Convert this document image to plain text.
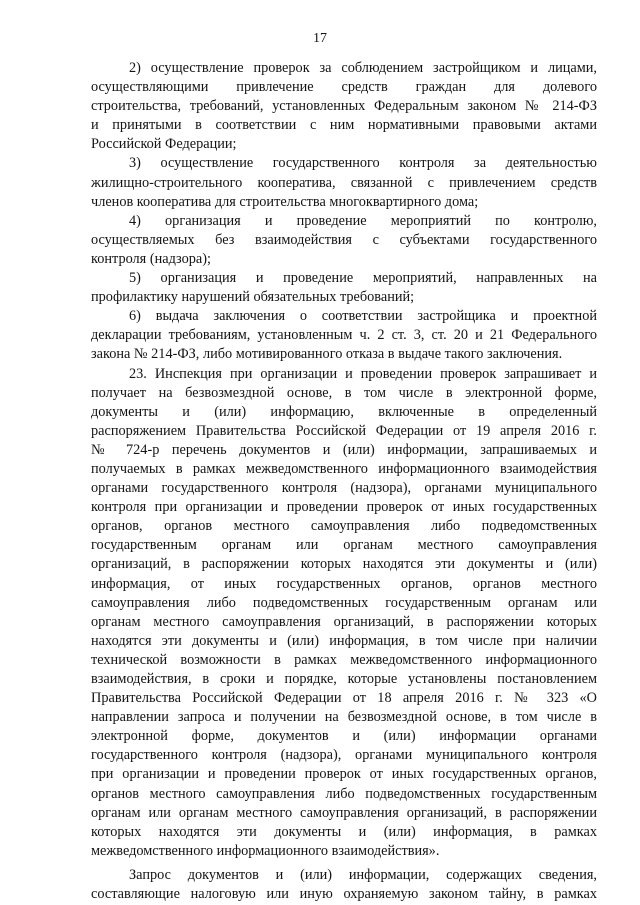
17
2) осуществление проверок за соблюдением застройщиком и лицами,
осуществляющими привлечение средств граждан для долевого
строительства, требований, установленных Федеральным законом № 214-ФЗ
и принятыми в соответствии с ним нормативными правовыми актами
Российской Федерации;
3) осуществление государственного контроля за деятельностью
жилищно-строительного кооператива, связанной с привлечением средств
членов кооператива для строительства многоквартирного дома;
4) организация и проведение мероприятий по контролю,
осуществляемых без взаимодействия с субъектами государственного
контроля (надзора);
5) организация и проведение мероприятий, направленных на
профилактику нарушений обязательных требований;
6) выдача заключения о соответствии застройщика и проектной
декларации требованиям, установленным ч. 2 ст. 3, ст. 20 и 21 Федерального
закона № 214-ФЗ, либо мотивированного отказа в выдаче такого заключения.
23. Инспекция при организации и проведении проверок запрашивает и
получает на безвозмездной основе, в том числе в электронной форме,
документы и (или) информацию, включенные в определенный
распоряжением Правительства Российской Федерации от 19 апреля 2016 г.
№ 724-р перечень документов и (или) информации, запрашиваемых и
получаемых в рамках межведомственного информационного взаимодействия
органами государственного контроля (надзора), органами муниципального
контроля при организации и проведении проверок от иных государственных
органов, органов местного самоуправления либо подведомственных
государственным органам или органам местного самоуправления
организаций, в распоряжении которых находятся эти документы и (или)
информация, от иных государственных органов, органов местного
самоуправления либо подведомственных государственным органам или
органам местного самоуправления организаций, в распоряжении которых
находятся эти документы и (или) информация, в том числе при наличии
технической возможности в рамках межведомственного информационного
взаимодействия, в сроки и порядке, которые установлены постановлением
Правительства Российской Федерации от 18 апреля 2016 г. № 323 «О
направлении запроса и получении на безвозмездной основе, в том числе в
электронной форме, документов и (или) информации органами
государственного контроля (надзора), органами муниципального контроля
при организации и проведении проверок от иных государственных органов,
органов местного самоуправления либо подведомственных государственным
органам или органам местного самоуправления организаций, в распоряжении
которых находятся эти документы и (или) информация, в рамках
межведомственного информационного взаимодействия».
Запрос документов и (или) информации, содержащих сведения,
составляющие налоговую или иную охраняемую законом тайну, в рамках
